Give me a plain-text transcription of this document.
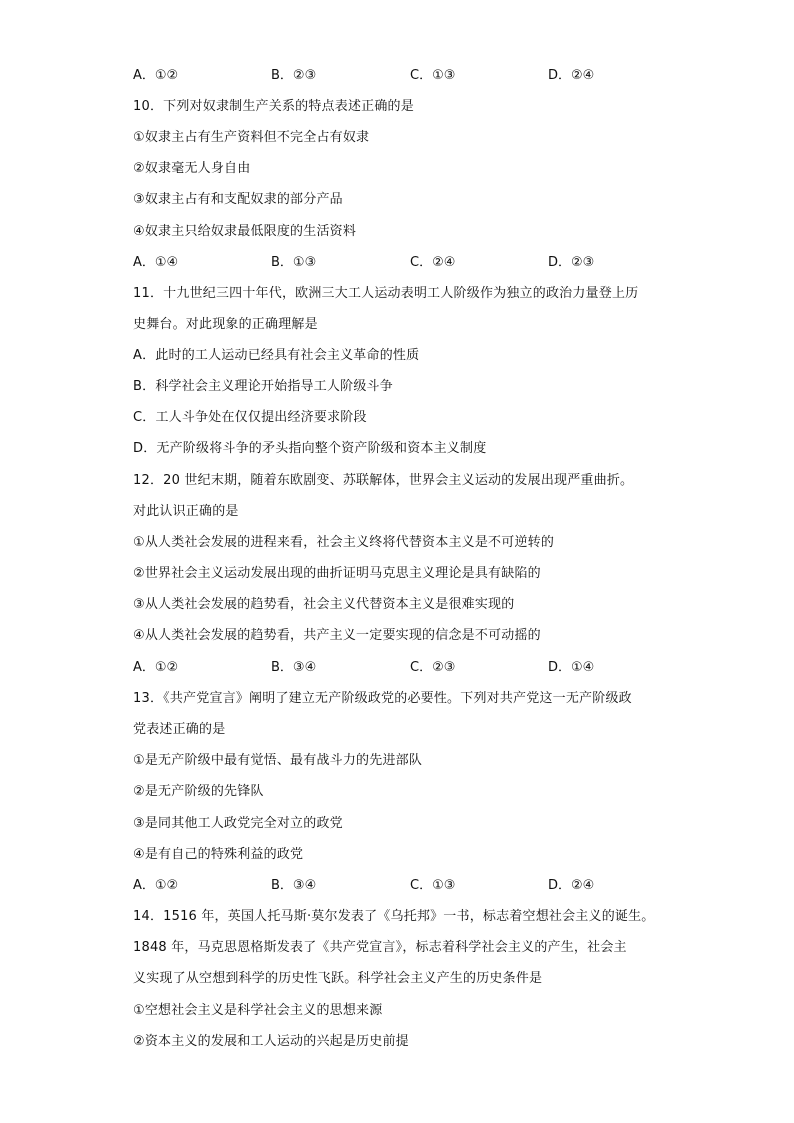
A．①②	B．②③	C．①③	D．②④
10．下列对奴隶制生产关系的特点表述正确的是
①奴隶主占有生产资料但不完全占有奴隶
②奴隶毫无人身自由
③奴隶主占有和支配奴隶的部分产品
④奴隶主只给奴隶最低限度的生活资料
A．①④	B．①③	C．②④	D．②③
11．十九世纪三四十年代，欧洲三大工人运动表明工人阶级作为独立的政治力量登上历
史舞台。对此现象的正确理解是
A．此时的工人运动已经具有社会主义革命的性质
B．科学社会主义理论开始指导工人阶级斗争
C．工人斗争处在仅仅提出经济要求阶段
D．无产阶级将斗争的矛头指向整个资产阶级和资本主义制度
12．20 世纪末期，随着东欧剧变、苏联解体，世界会主义运动的发展出现严重曲折。
对此认识正确的是
①从人类社会发展的进程来看，社会主义终将代替资本主义是不可逆转的
②世界社会主义运动发展出现的曲折证明马克思主义理论是具有缺陷的
③从人类社会发展的趋势看，社会主义代替资本主义是很难实现的
④从人类社会发展的趋势看，共产主义一定要实现的信念是不可动摇的
A．①②	B．③④	C．②③	D．①④
13．《共产党宣言》阐明了建立无产阶级政党的必要性。下列对共产党这一无产阶级政
党表述正确的是
①是无产阶级中最有觉悟、最有战斗力的先进部队
②是无产阶级的先锋队
③是同其他工人政党完全对立的政党
④是有自己的特殊利益的政党
A．①②	B．③④	C．①③	D．②④
14．1516 年，英国人托马斯·莫尔发表了《乌托邦》一书，标志着空想社会主义的诞生。
1848 年，马克思恩格斯发表了《共产党宣言》，标志着科学社会主义的产生，社会主
义实现了从空想到科学的历史性飞跃。科学社会主义产生的历史条件是
①空想社会主义是科学社会主义的思想来源
②资本主义的发展和工人运动的兴起是历史前提
